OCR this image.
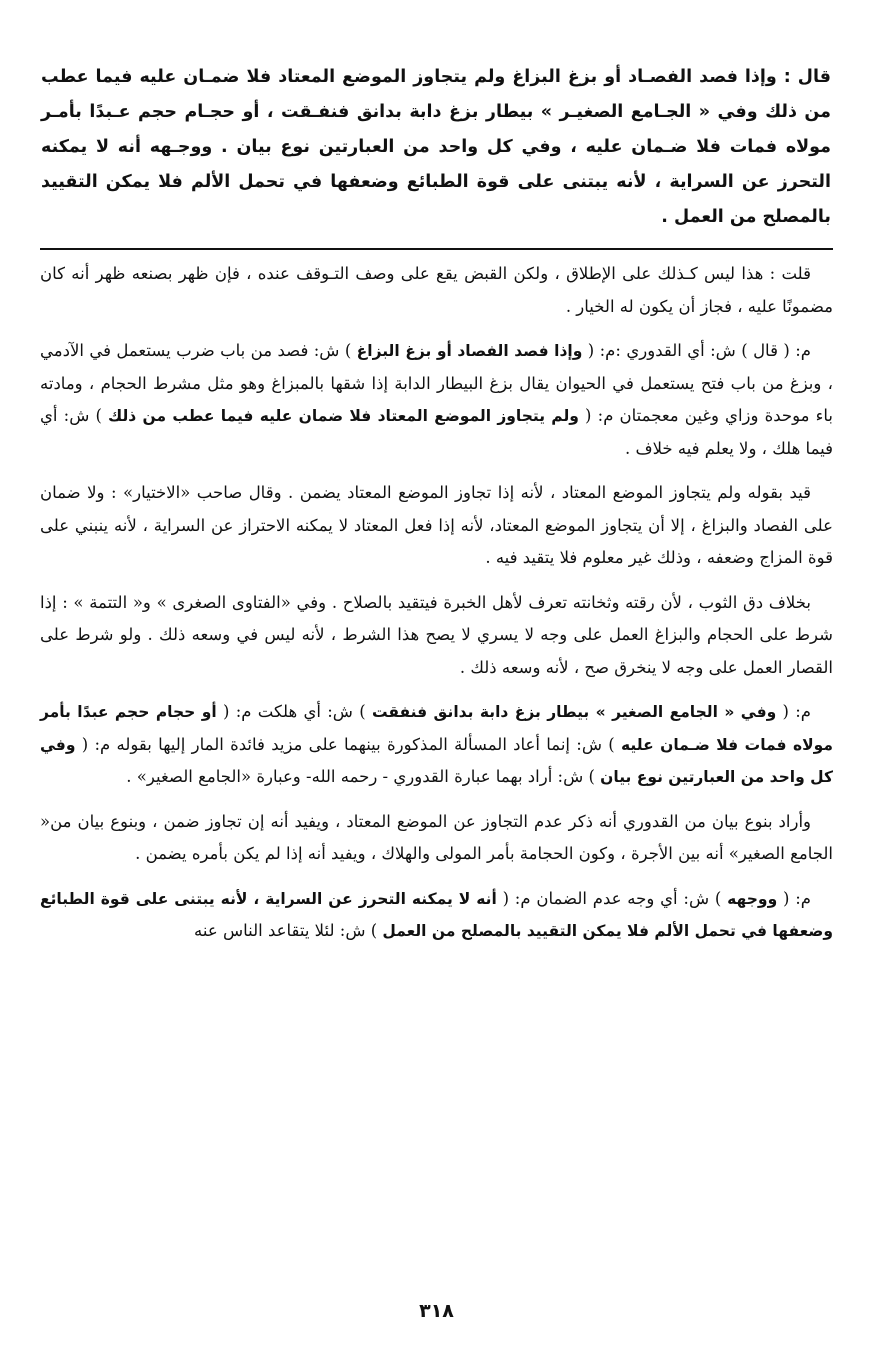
قال : وإذا فصد الفصـاد أو بزغ البزاغ ولم يتجاوز الموضع المعتاد فلا ضمـان عليه فيما عطب من ذلك وفي « الجـامع الصغيـر » بيطار بزغ دابة بدانق فنفـقت ، أو حجـام حجم عـبدًا بأمـر مولاه فمات فلا ضـمان عليه ، وفي كل واحد من العبارتين نوع بيان . ووجـهه أنه لا يمكنه التحرز عن السراية ، لأنه يبتنى على قوة الطبائع وضعفها في تحمل الألم فلا يمكن التقييد بالمصلح من العمل .

قلت : هذا ليس كـذلك على الإطلاق ، ولكن القبض يقع على وصف التـوقف عنده ، فإن ظهر بصنعه ظهر أنه كان مضمونًا عليه ، فجاز أن يكون له الخيار .

م: ( قال ) ش: أي القدوري :م: ( وإذا فصد الفصاد أو بزغ البزاغ ) ش: فصد من باب ضرب يستعمل في الآدمي ، وبزغ من باب فتح يستعمل في الحيوان يقال بزغ البيطار الدابة إذا شقها بالمبزاغ وهو مثل مشرط الحجام ، ومادته باء موحدة وزاي وغين معجمتان م: ( ولم يتجاوز الموضع المعتاد فلا ضمان عليه فيما عطب من ذلك ) ش: أي فيما هلك ، ولا يعلم فيه خلاف .

قيد بقوله ولم يتجاوز الموضع المعتاد ، لأنه إذا تجاوز الموضع المعتاد يضمن . وقال صاحب «الاختيار» : ولا ضمان على الفصاد والبزاغ ، إلا أن يتجاوز الموضع المعتاد، لأنه إذا فعل المعتاد لا يمكنه الاحتراز عن السراية ، لأنه ينبني على قوة المزاج وضعفه ، وذلك غير معلوم فلا يتقيد فيه .

بخلاف دق الثوب ، لأن رقته وثخانته تعرف لأهل الخبرة فيتقيد بالصلاح . وفي «الفتاوى الصغرى » و« التتمة » : إذا شرط على الحجام والبزاغ العمل على وجه لا يسري لا يصح هذا الشرط ، لأنه ليس في وسعه ذلك . ولو شرط على القصار العمل على وجه لا ينخرق صح ، لأنه وسعه ذلك .

م: ( وفي « الجامع الصغير » بيطار بزغ دابة بدانق فنفقت ) ش: أي هلكت م: ( أو حجام حجم عبدًا بأمر مولاه فمات فلا ضـمان عليه ) ش: إنما أعاد المسألة المذكورة بينهما على مزيد فائدة المار إليها بقوله م: ( وفي كل واحد من العبارتين نوع بيان ) ش: أراد بهما عبارة القدوري - رحمه الله- وعبارة «الجامع الصغير» .

وأراد بنوع بيان من القدوري أنه ذكر عدم التجاوز عن الموضع المعتاد ، ويفيد أنه إن تجاوز ضمن ، وبنوع بيان من« الجامع الصغير» أنه بين الأجرة ، وكون الحجامة بأمر المولى والهلاك ، ويفيد أنه إذا لم يكن بأمره يضمن .

م: ( ووجهه ) ش: أي وجه عدم الضمان م: ( أنه لا يمكنه التحرز عن السراية ، لأنه يبتنى على قوة الطبائع وضعفها في تحمل الألم فلا يمكن التقييد بالمصلح من العمل ) ش: لئلا يتقاعد الناس عنه

٣١٨
